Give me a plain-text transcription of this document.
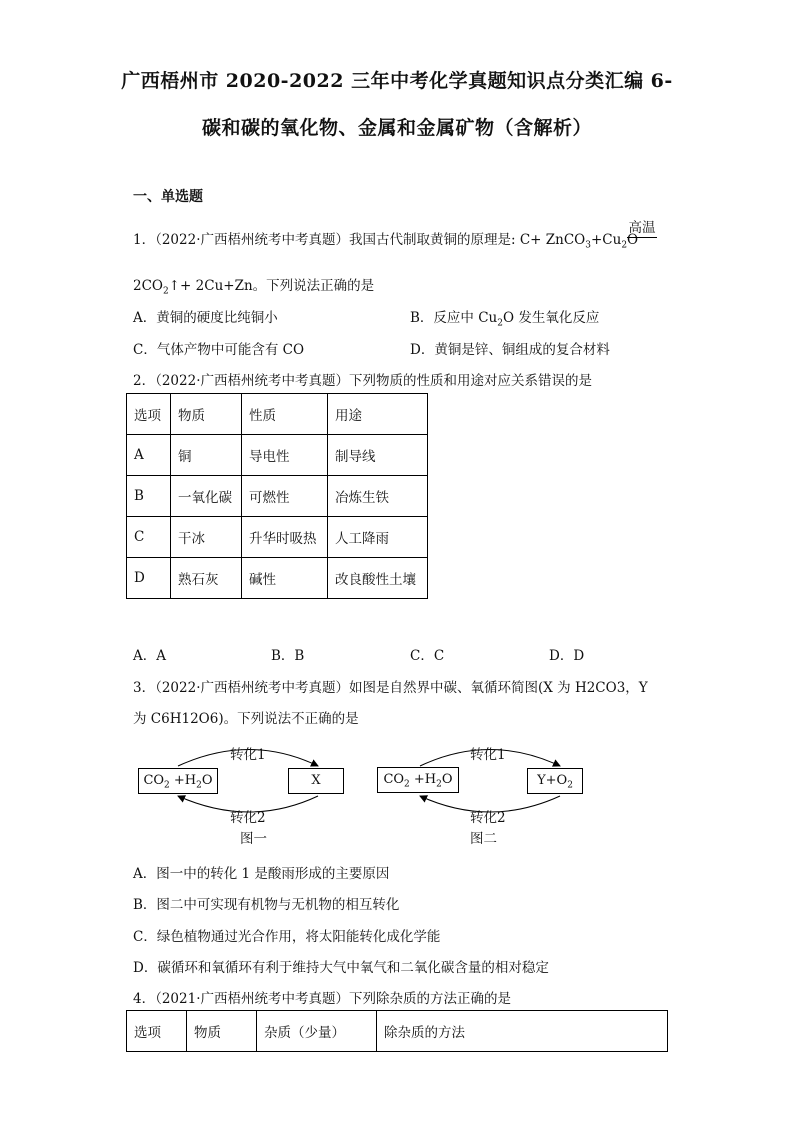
广西梧州市 2020-2022 三年中考化学真题知识点分类汇编 6-
碳和碳的氧化物、金属和金属矿物（含解析）
一、单选题
1．（2022·广西梧州统考中考真题）我国古代制取黄铜的原理是: $C+ ZnCO_3+Cu_2O$
高温
$2CO_2↑+ 2Cu+Zn$。下列说法正确的是
A．黄铜的硬度比纯铜小	B．反应中 $Cu_2O$ 发生氧化反应
C．气体产物中可能含有 CO	D．黄铜是锌、铜组成的复合材料
2．（2022·广西梧州统考中考真题）下列物质的性质和用途对应关系错误的是
选项	物质	性质	用途
A	铜	导电性	制导线
B	一氧化碳	可燃性	冶炼生铁
C	干冰	升华时吸热	人工降雨
D	熟石灰	碱性	改良酸性土壤
A．A	B．B	C．C	D．D
3．（2022·广西梧州统考中考真题）如图是自然界中碳、氧循环简图(X 为 H2CO3，Y
为 C6H12O6)。下列说法不正确的是
转化1
$CO_2 +H_2O$	X
转化2
图一
转化1
$CO_2 +H_2O$	$Y+O_2$
转化2
图二
A．图一中的转化 1 是酸雨形成的主要原因
B．图二中可实现有机物与无机物的相互转化
C．绿色植物通过光合作用，将太阳能转化成化学能
D．碳循环和氧循环有利于维持大气中氧气和二氧化碳含量的相对稳定
4．（2021·广西梧州统考中考真题）下列除杂质的方法正确的是
选项	物质	杂质（少量）	除杂质的方法
